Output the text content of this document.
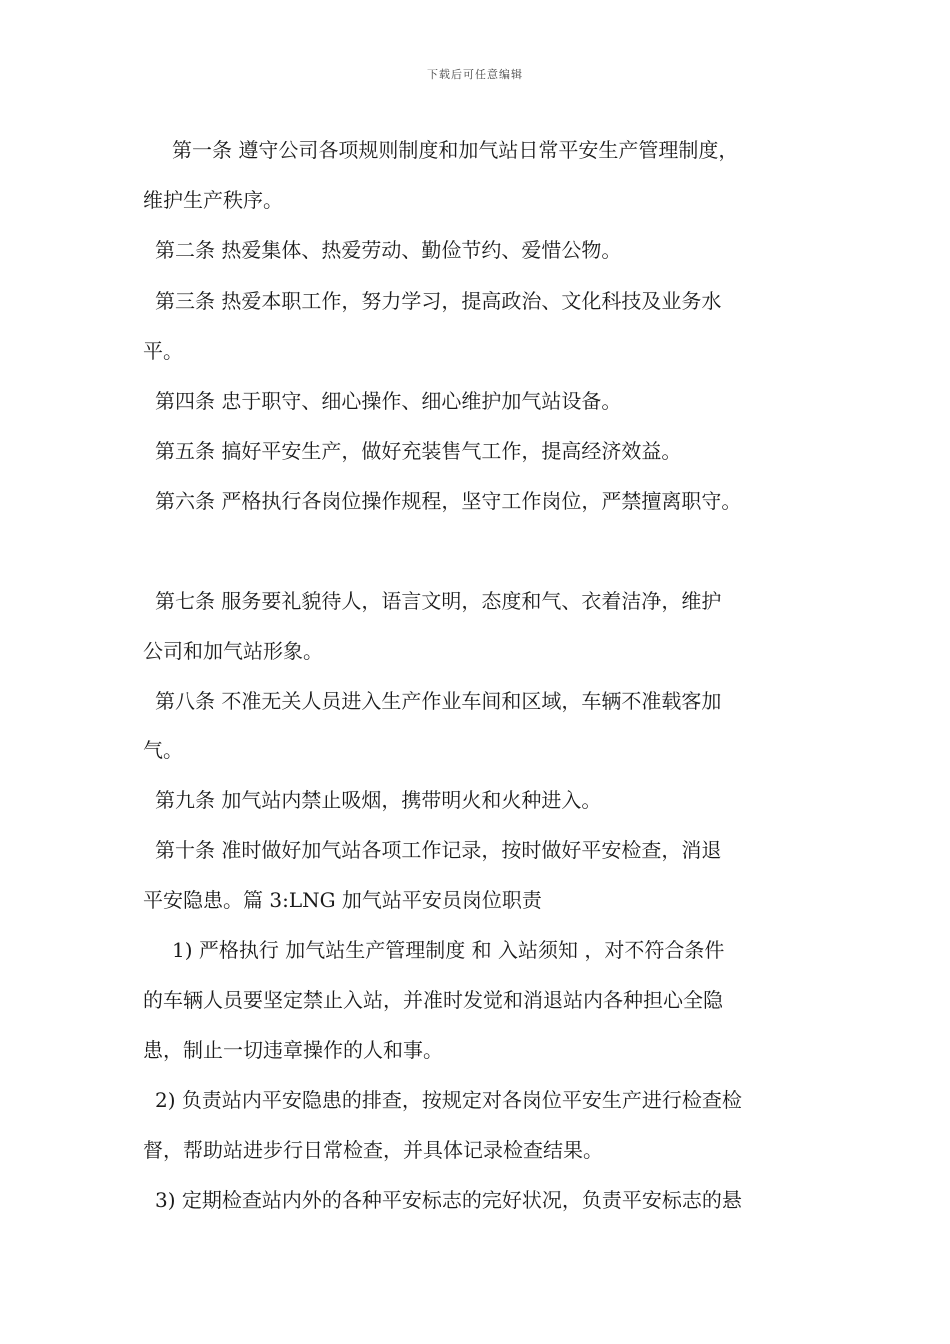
下载后可任意编辑
第一条 遵守公司各项规则制度和加气站日常平安生产管理制度，
维护生产秩序。
第二条 热爱集体、热爱劳动、勤俭节约、爱惜公物。
第三条 热爱本职工作，努力学习，提高政治、文化科技及业务水
平。
第四条 忠于职守、细心操作、细心维护加气站设备。
第五条 搞好平安生产，做好充装售气工作，提高经济效益。
第六条 严格执行各岗位操作规程，坚守工作岗位，严禁擅离职守。
第七条 服务要礼貌待人，语言文明，态度和气、衣着洁净，维护
公司和加气站形象。
第八条 不准无关人员进入生产作业车间和区域，车辆不准载客加
气。
第九条 加气站内禁止吸烟，携带明火和火种进入。
第十条 准时做好加气站各项工作记录，按时做好平安检查，消退
平安隐患。篇 3:LNG 加气站平安员岗位职责
1) 严格执行 加气站生产管理制度 和 入站须知 ，对不符合条件
的车辆人员要坚定禁止入站，并准时发觉和消退站内各种担心全隐
患，制止一切违章操作的人和事。
2) 负责站内平安隐患的排查，按规定对各岗位平安生产进行检查检
督，帮助站进步行日常检查，并具体记录检查结果。
3) 定期检查站内外的各种平安标志的完好状况，负责平安标志的悬
